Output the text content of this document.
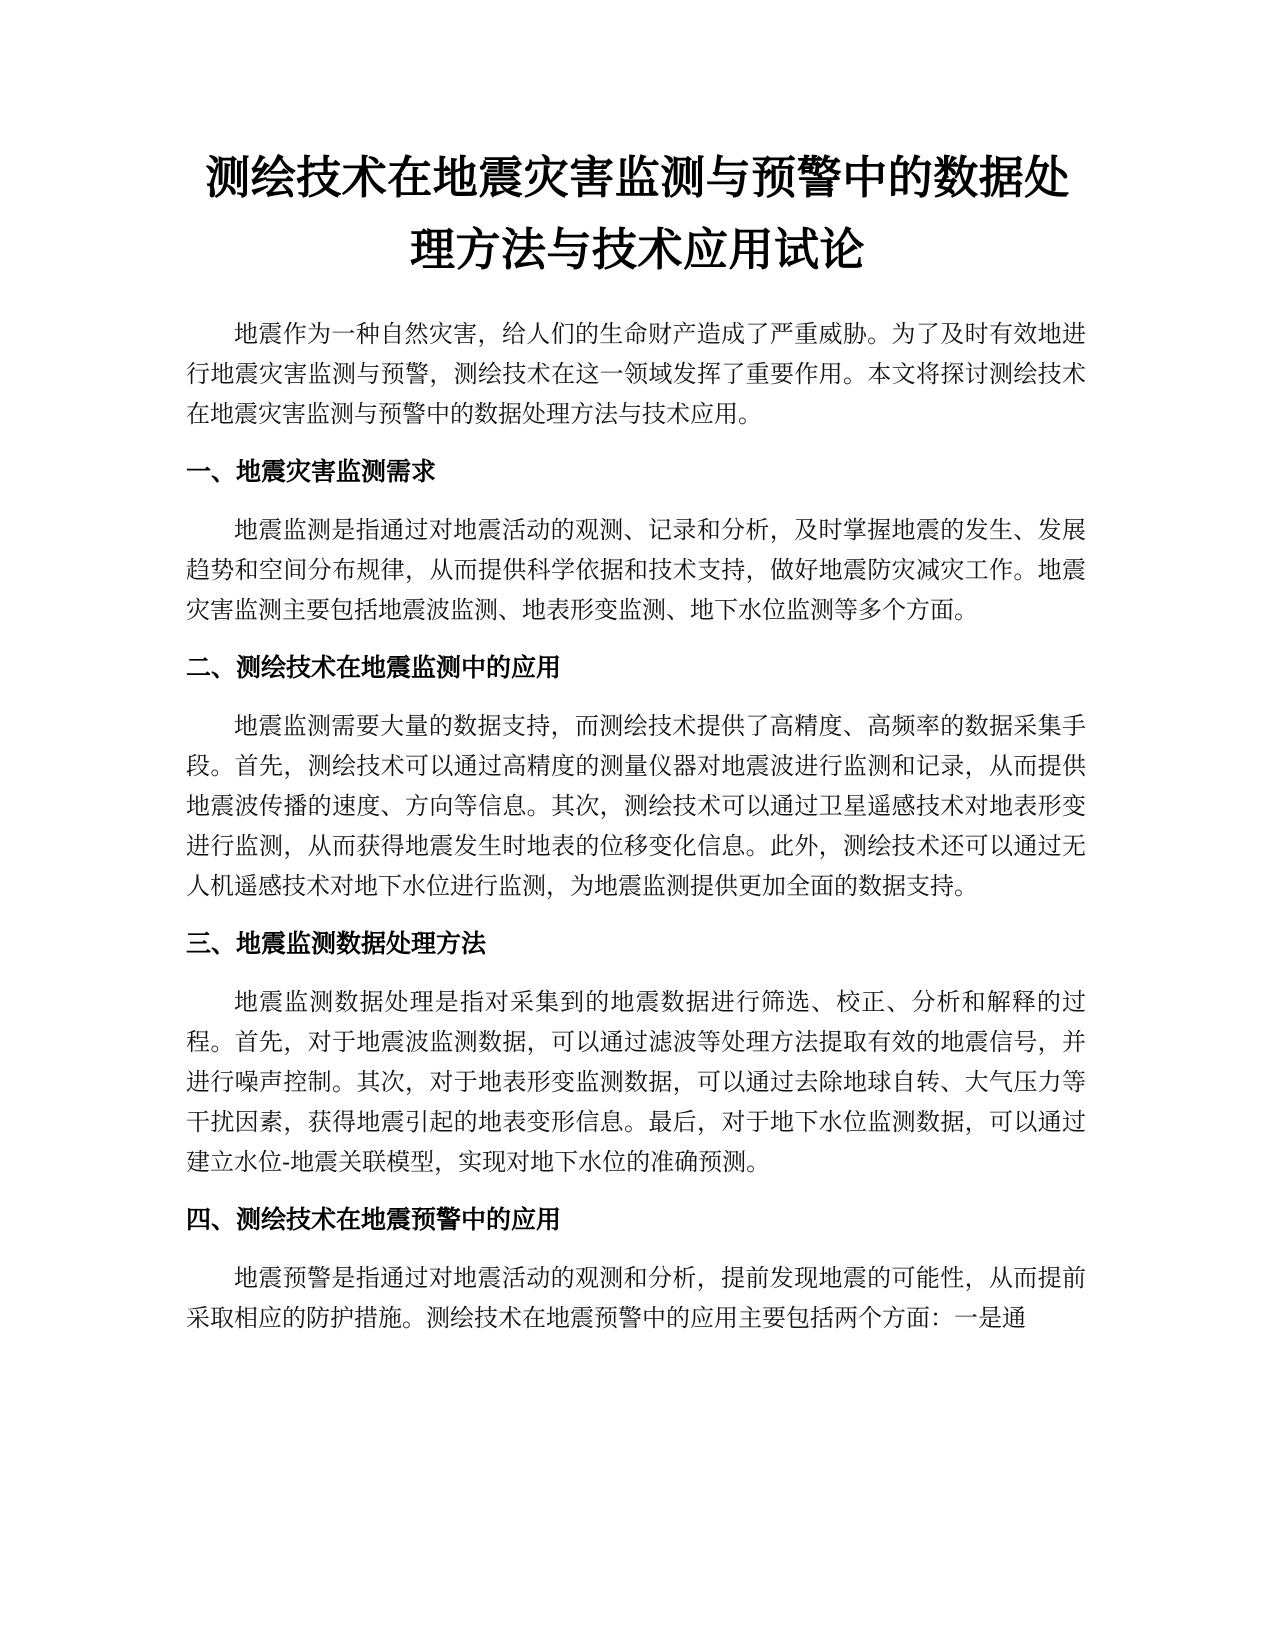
测绘技术在地震灾害监测与预警中的数据处
理方法与技术应用试论

地震作为一种自然灾害，给人们的生命财产造成了严重威胁。为了及时有效地进行地震灾害监测与预警，测绘技术在这一领域发挥了重要作用。本文将探讨测绘技术在地震灾害监测与预警中的数据处理方法与技术应用。

一、地震灾害监测需求

地震监测是指通过对地震活动的观测、记录和分析，及时掌握地震的发生、发展趋势和空间分布规律，从而提供科学依据和技术支持，做好地震防灾减灾工作。地震灾害监测主要包括地震波监测、地表形变监测、地下水位监测等多个方面。

二、测绘技术在地震监测中的应用

地震监测需要大量的数据支持，而测绘技术提供了高精度、高频率的数据采集手段。首先，测绘技术可以通过高精度的测量仪器对地震波进行监测和记录，从而提供地震波传播的速度、方向等信息。其次，测绘技术可以通过卫星遥感技术对地表形变进行监测，从而获得地震发生时地表的位移变化信息。此外，测绘技术还可以通过无人机遥感技术对地下水位进行监测，为地震监测提供更加全面的数据支持。

三、地震监测数据处理方法

地震监测数据处理是指对采集到的地震数据进行筛选、校正、分析和解释的过程。首先，对于地震波监测数据，可以通过滤波等处理方法提取有效的地震信号，并进行噪声控制。其次，对于地表形变监测数据，可以通过去除地球自转、大气压力等干扰因素，获得地震引起的地表变形信息。最后，对于地下水位监测数据，可以通过建立水位-地震关联模型，实现对地下水位的准确预测。

四、测绘技术在地震预警中的应用

地震预警是指通过对地震活动的观测和分析，提前发现地震的可能性，从而提前采取相应的防护措施。测绘技术在地震预警中的应用主要包括两个方面：一是通
